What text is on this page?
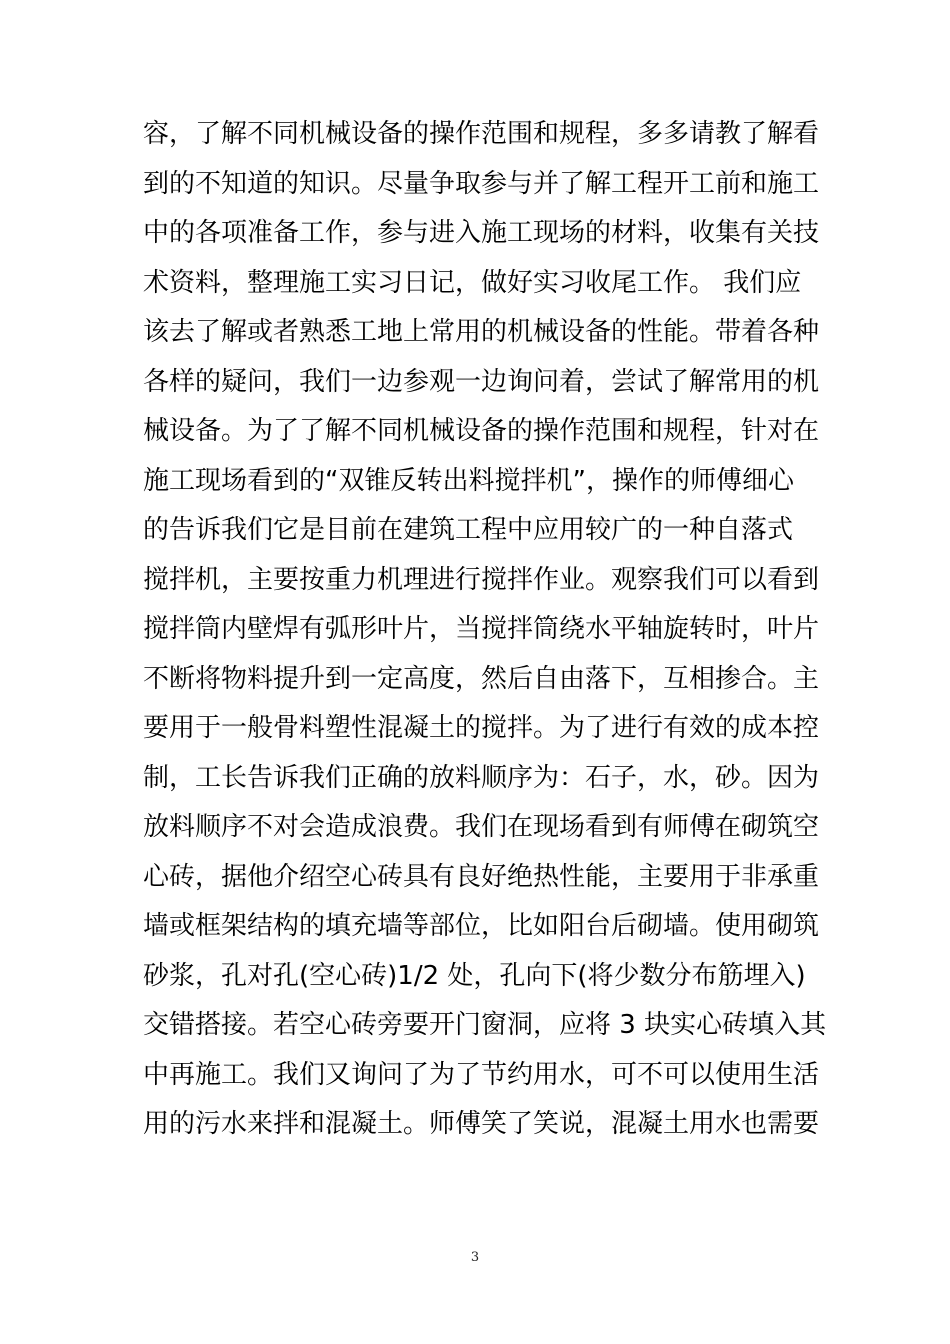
容，了解不同机械设备的操作范围和规程，多多请教了解看
到的不知道的知识。尽量争取参与并了解工程开工前和施工
中的各项准备工作，参与进入施工现场的材料，收集有关技
术资料，整理施工实习日记，做好实习收尾工作。 我们应
该去了解或者熟悉工地上常用的机械设备的性能。带着各种
各样的疑问，我们一边参观一边询问着，尝试了解常用的机
械设备。为了了解不同机械设备的操作范围和规程，针对在
施工现场看到的“双锥反转出料搅拌机”，操作的师傅细心
的告诉我们它是目前在建筑工程中应用较广的一种自落式
搅拌机，主要按重力机理进行搅拌作业。观察我们可以看到
搅拌筒内壁焊有弧形叶片，当搅拌筒绕水平轴旋转时，叶片
不断将物料提升到一定高度，然后自由落下，互相掺合。主
要用于一般骨料塑性混凝土的搅拌。为了进行有效的成本控
制，工长告诉我们正确的放料顺序为：石子，水，砂。因为
放料顺序不对会造成浪费。我们在现场看到有师傅在砌筑空
心砖，据他介绍空心砖具有良好绝热性能，主要用于非承重
墙或框架结构的填充墙等部位，比如阳台后砌墙。使用砌筑
砂浆，孔对孔(空心砖)1/2 处，孔向下(将少数分布筋埋入)
交错搭接。若空心砖旁要开门窗洞，应将 3 块实心砖填入其
中再施工。我们又询问了为了节约用水，可不可以使用生活
用的污水来拌和混凝土。师傅笑了笑说，混凝土用水也需要
3
